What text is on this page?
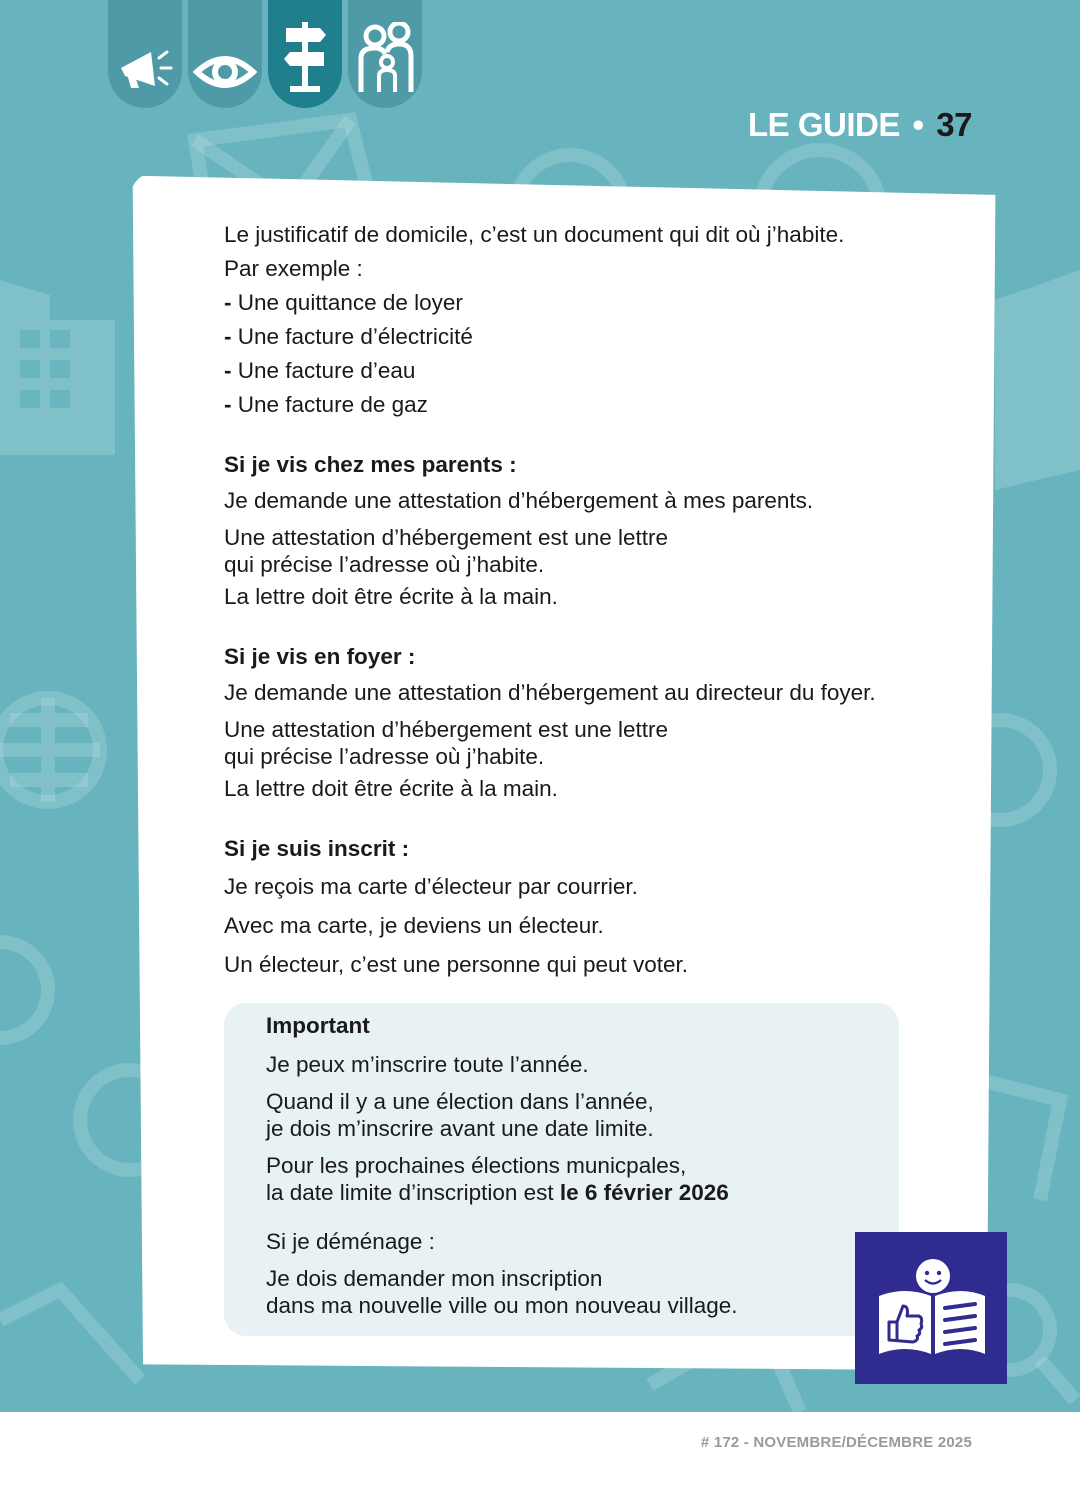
LE GUIDE • 37

Le justificatif de domicile, c’est un document qui dit où j’habite.

Par exemple :

- Une quittance de loyer

- Une facture d’électricité

- Une facture d’eau

- Une facture de gaz

Si je vis chez mes parents :

Je demande une attestation d’hébergement à mes parents.

Une attestation d’hébergement est une lettre
qui précise l’adresse où j’habite.

La lettre doit être écrite à la main.

Si je vis en foyer :

Je demande une attestation d’hébergement au directeur du foyer.

Une attestation d’hébergement est une lettre
qui précise l’adresse où j’habite.

La lettre doit être écrite à la main.

Si je suis inscrit :

Je reçois ma carte d’électeur par courrier.

Avec ma carte, je deviens un électeur.

Un électeur, c’est une personne qui peut voter.

Important

Je peux m’inscrire toute l’année.

Quand il y a une élection dans l’année,
je dois m’inscrire avant une date limite.

Pour les prochaines élections municpales,
la date limite d’inscription est le 6 février 2026

Si je déménage :

Je dois demander mon inscription
dans ma nouvelle ville ou mon nouveau village.

# 172 - NOVEMBRE/DÉCEMBRE 2025
